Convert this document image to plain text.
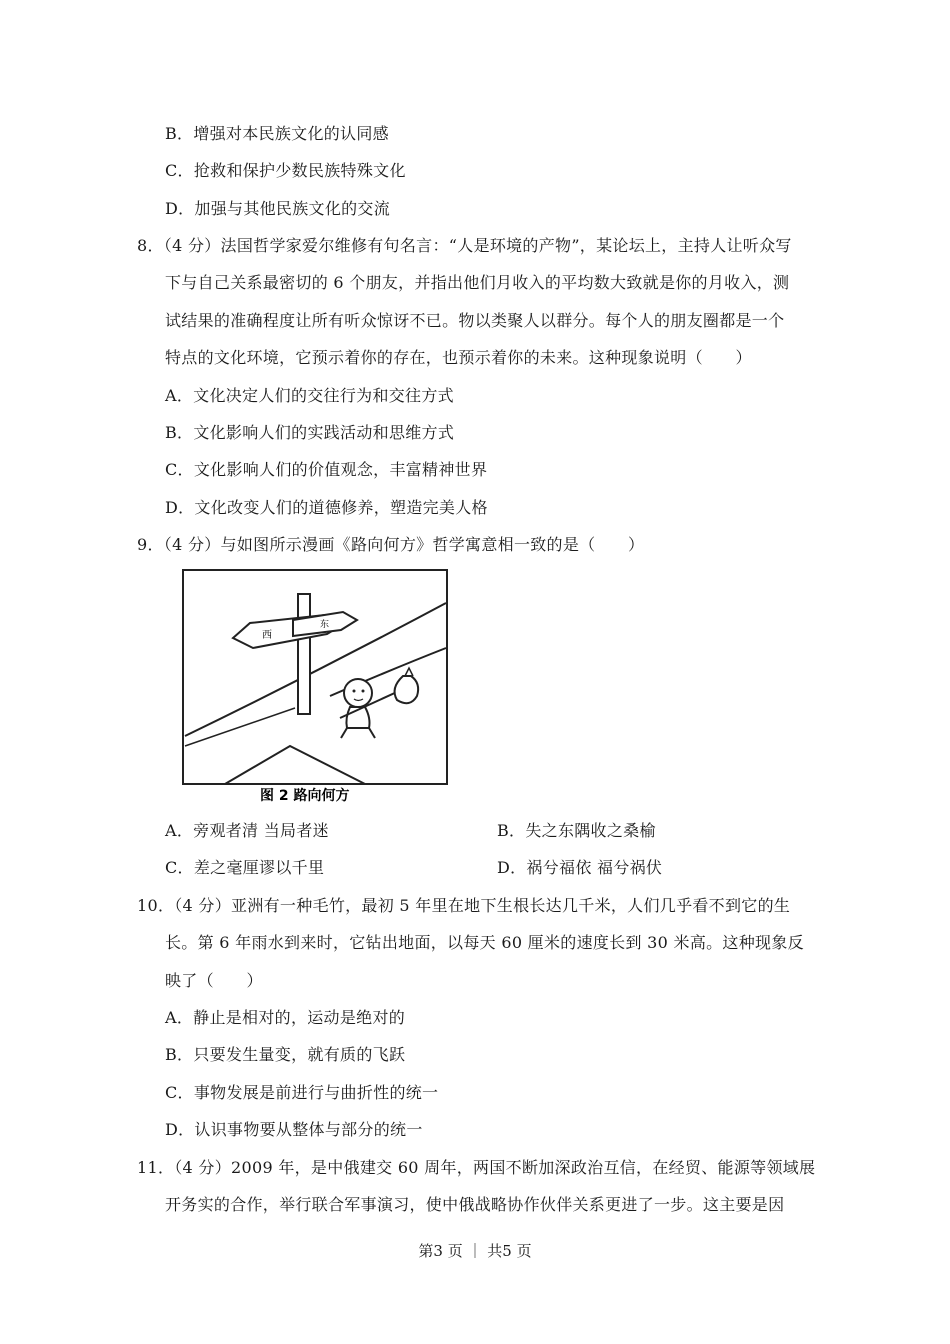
B．增强对本民族文化的认同感
C．抢救和保护少数民族特殊文化
D．加强与其他民族文化的交流
8．（4 分）法国哲学家爱尔维修有句名言：“人是环境的产物”，某论坛上，主持人让听众写
下与自己关系最密切的 6 个朋友，并指出他们月收入的平均数大致就是你的月收入，测
试结果的准确程度让所有听众惊讶不已。物以类聚人以群分。每个人的朋友圈都是一个
特点的文化环境，它预示着你的存在，也预示着你的未来。这种现象说明（　　）
A．文化决定人们的交往行为和交往方式
B．文化影响人们的实践活动和思维方式
C．文化影响人们的价值观念，丰富精神世界
D．文化改变人们的道德修养，塑造完美人格
9．（4 分）与如图所示漫画《路向何方》哲学寓意相一致的是（　　）
西
东
图 2 路向何方
A．旁观者清 当局者迷	B．失之东隅收之桑榆
C．差之毫厘谬以千里	D．祸兮福依 福兮祸伏
10．（4 分）亚洲有一种毛竹，最初 5 年里在地下生根长达几千米，人们几乎看不到它的生
长。第 6 年雨水到来时，它钻出地面，以每天 60 厘米的速度长到 30 米高。这种现象反
映了（　　）
A．静止是相对的，运动是绝对的
B．只要发生量变，就有质的飞跃
C．事物发展是前进行与曲折性的统一
D．认识事物要从整体与部分的统一
11．（4 分）2009 年，是中俄建交 60 周年，两国不断加深政治互信，在经贸、能源等领域展
开务实的合作，举行联合军事演习，使中俄战略协作伙伴关系更进了一步。这主要是因
第3 页 ｜ 共5 页
